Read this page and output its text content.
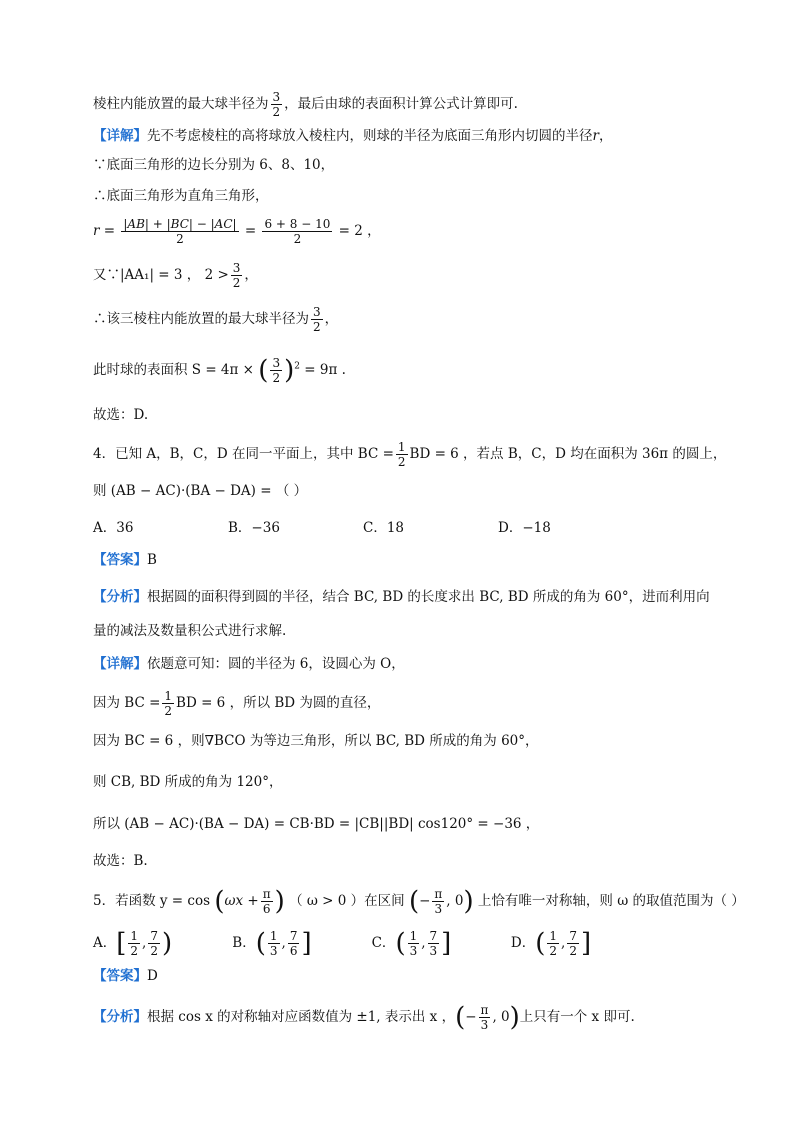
棱柱内能放置的最大球半径为 $\frac{3}{2}$ ，最后由球的表面积计算公式计算即可.
【详解】先不考虑棱柱的高将球放入棱柱内，则球的半径为底面三角形内切圆的半径r，
∵底面三角形的边长分别为 6、8、10，
∴底面三角形为直角三角形，
$r = \frac{|AB| + |BC| - |AC|}{2} = \frac{6 + 8 - 10}{2} = 2$ ，
又∵|AA₁| = 3 ， $2 > \frac{3}{2}$ ，
∴该三棱柱内能放置的最大球半径为 $\frac{3}{2}$ ，
此时球的表面积 S = 4π × ( $\frac{3}{2} )^2 = 9\pi$ .
故选：D.
4．已知 A，B，C，D 在同一平面上，其中 BC = $\frac{1}{2}$ BD = 6 ，若点 B，C，D 均在面积为 36π 的圆上，
则 (AB − AC)·(BA − DA) = （ ）
A．36	B．−36	C．18	D．−18
【答案】B
【分析】根据圆的面积得到圆的半径，结合 BC, BD 的长度求出 BC, BD 所成的角为 60°，进而利用向
量的减法及数量积公式进行求解.
【详解】依题意可知：圆的半径为 6，设圆心为 O，
因为 BC = $\frac{1}{2}$ BD = 6 ，所以 BD 为圆的直径，
因为 BC = 6 ，则∇BCO 为等边三角形，所以 BC, BD 所成的角为 60°，
则 CB, BD 所成的角为 120°，
所以 (AB − AC)·(BA − DA) = CB·BD = |CB||BD| cos120° = −36 ，
故选：B.
5．若函数 $y = \cos (\omega x + \frac{\pi}{6}$ ) （ ω > 0 ）在区间 (− $\frac{\pi}{3}$ , 0) 上恰有唯一对称轴，则 ω 的取值范围为（ ）
A．[ $\frac{1}{2}$ , $\frac{7}{2}$ )	B．( $\frac{1}{3}$ , $\frac{7}{6}$ ]	C．( $\frac{1}{3}$ , $\frac{7}{3}$ ]	D．( $\frac{1}{2}$ , $\frac{7}{2}$ ]
【答案】D
【分析】根据 cos x 的对称轴对应函数值为 ±1, 表示出 x ，(− $\frac{\pi}{3}$ , 0)上只有一个 x 即可.
